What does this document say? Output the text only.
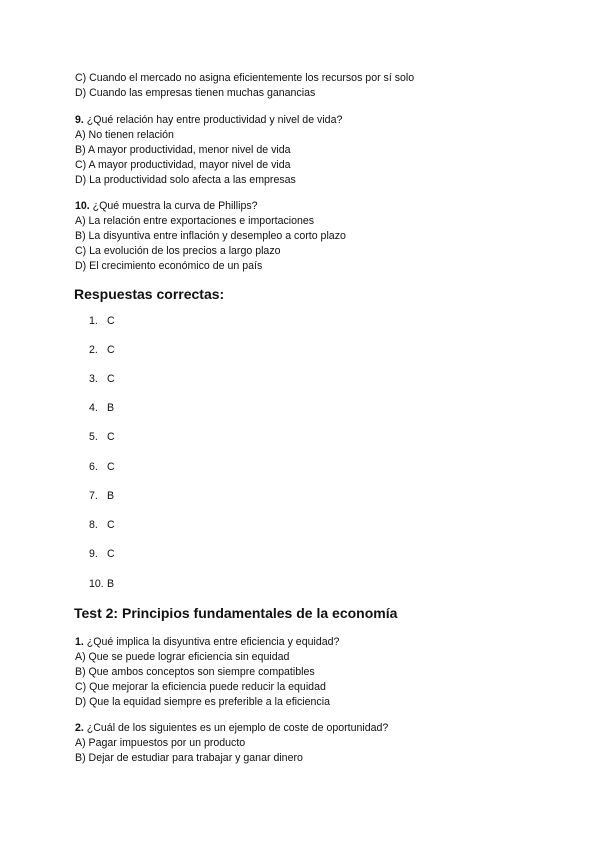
C) Cuando el mercado no asigna eficientemente los recursos por sí solo
D) Cuando las empresas tienen muchas ganancias
9. ¿Qué relación hay entre productividad y nivel de vida?
A) No tienen relación
B) A mayor productividad, menor nivel de vida
C) A mayor productividad, mayor nivel de vida
D) La productividad solo afecta a las empresas
10. ¿Qué muestra la curva de Phillips?
A) La relación entre exportaciones e importaciones
B) La disyuntiva entre inflación y desempleo a corto plazo
C) La evolución de los precios a largo plazo
D) El crecimiento económico de un país
Respuestas correctas:
1. C
2. C
3. C
4. B
5. C
6. C
7. B
8. C
9. C
10. B
Test 2: Principios fundamentales de la economía
1. ¿Qué implica la disyuntiva entre eficiencia y equidad?
A) Que se puede lograr eficiencia sin equidad
B) Que ambos conceptos son siempre compatibles
C) Que mejorar la eficiencia puede reducir la equidad
D) Que la equidad siempre es preferible a la eficiencia
2. ¿Cuál de los siguientes es un ejemplo de coste de oportunidad?
A) Pagar impuestos por un producto
B) Dejar de estudiar para trabajar y ganar dinero
